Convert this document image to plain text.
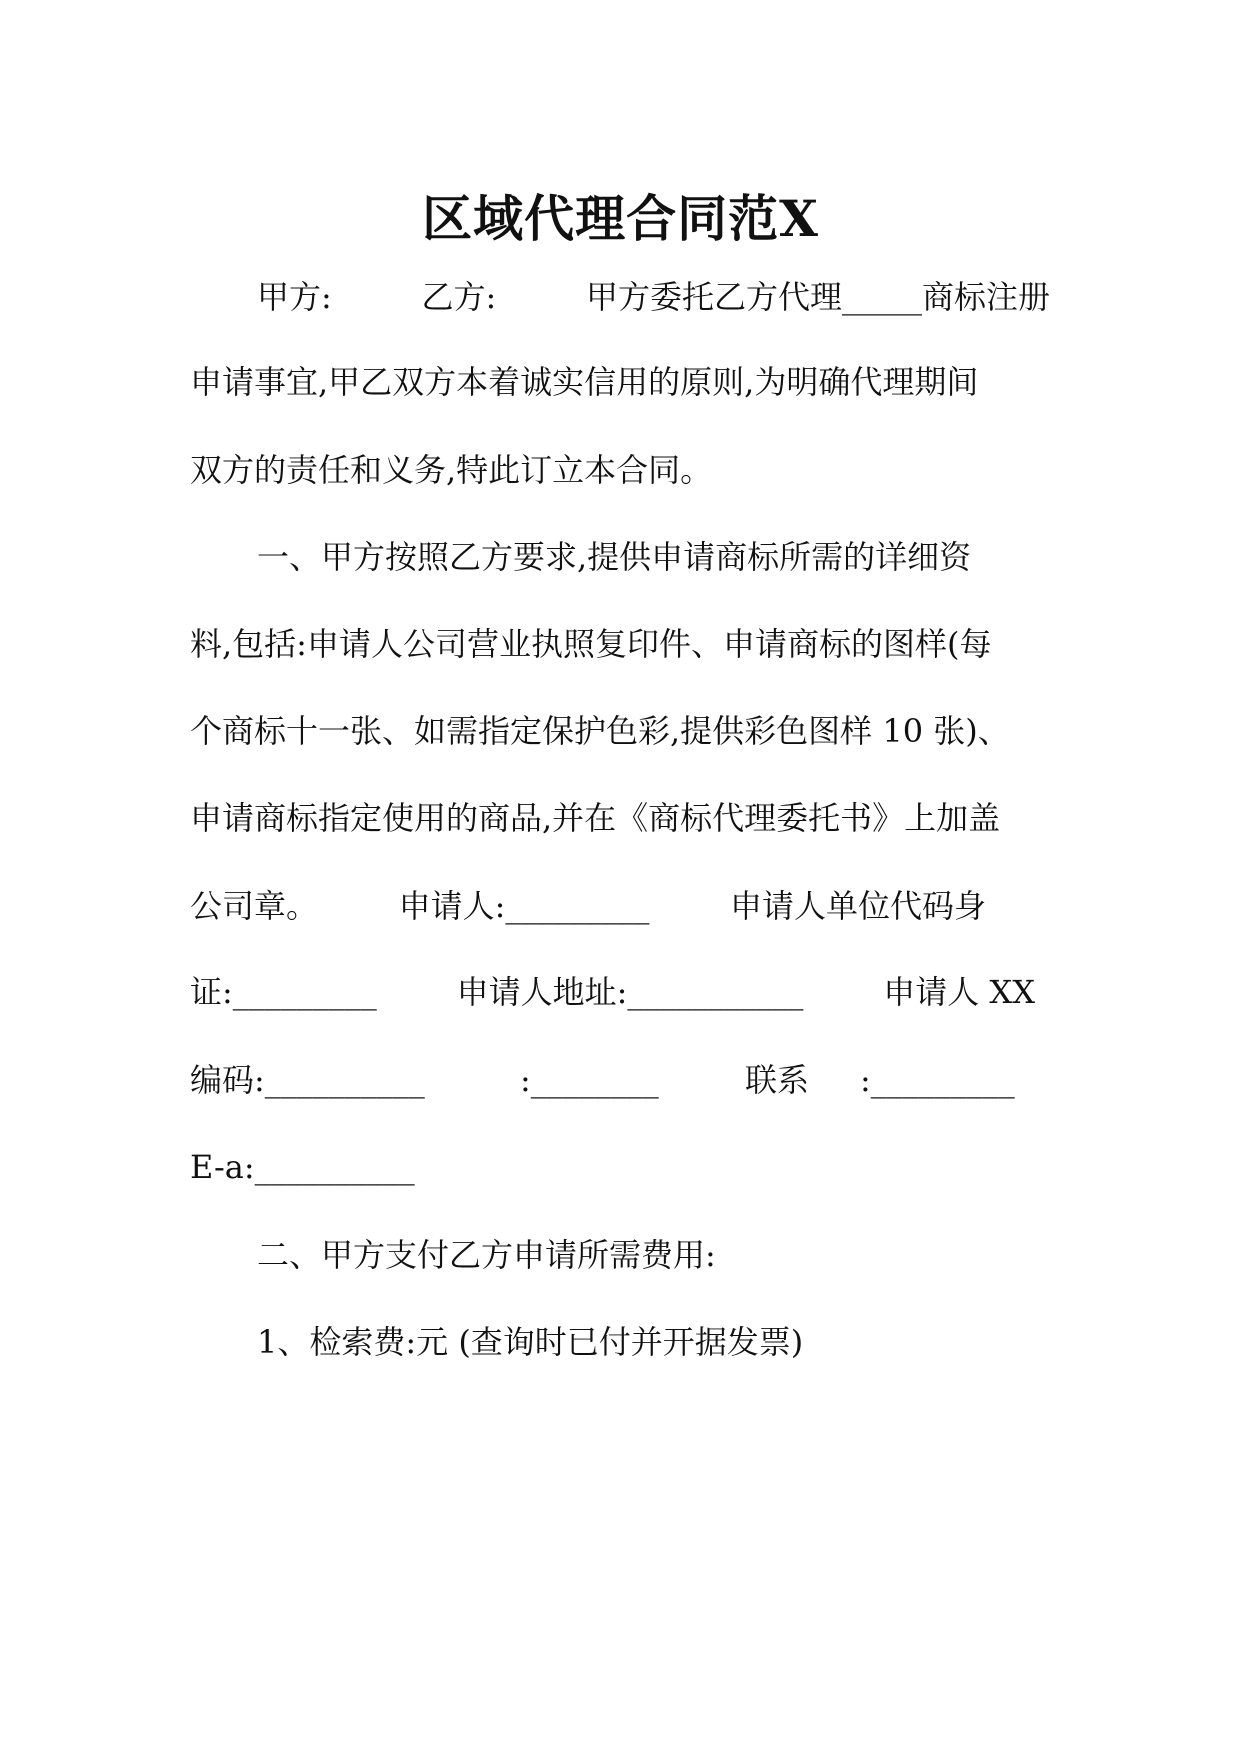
区域代理合同范X
甲方:	乙方:	甲方委托乙方代理_____商标注册
申请事宜,甲乙双方本着诚实信用的原则,为明确代理期间
双方的责任和义务,特此订立本合同。
一、甲方按照乙方要求,提供申请商标所需的详细资
料,包括:申请人公司营业执照复印件、申请商标的图样(每
个商标十一张、如需指定保护色彩,提供彩色图样 10 张)、
申请商标指定使用的商品,并在《商标代理委托书》上加盖
公司章。	申请人:_________	申请人单位代码身
证:_________ 申请人地址:___________ 申请人 XX
编码:__________	:________	联系 :_________
E-a:__________
二、甲方支付乙方申请所需费用:
1、检索费:元 (查询时已付并开据发票)
